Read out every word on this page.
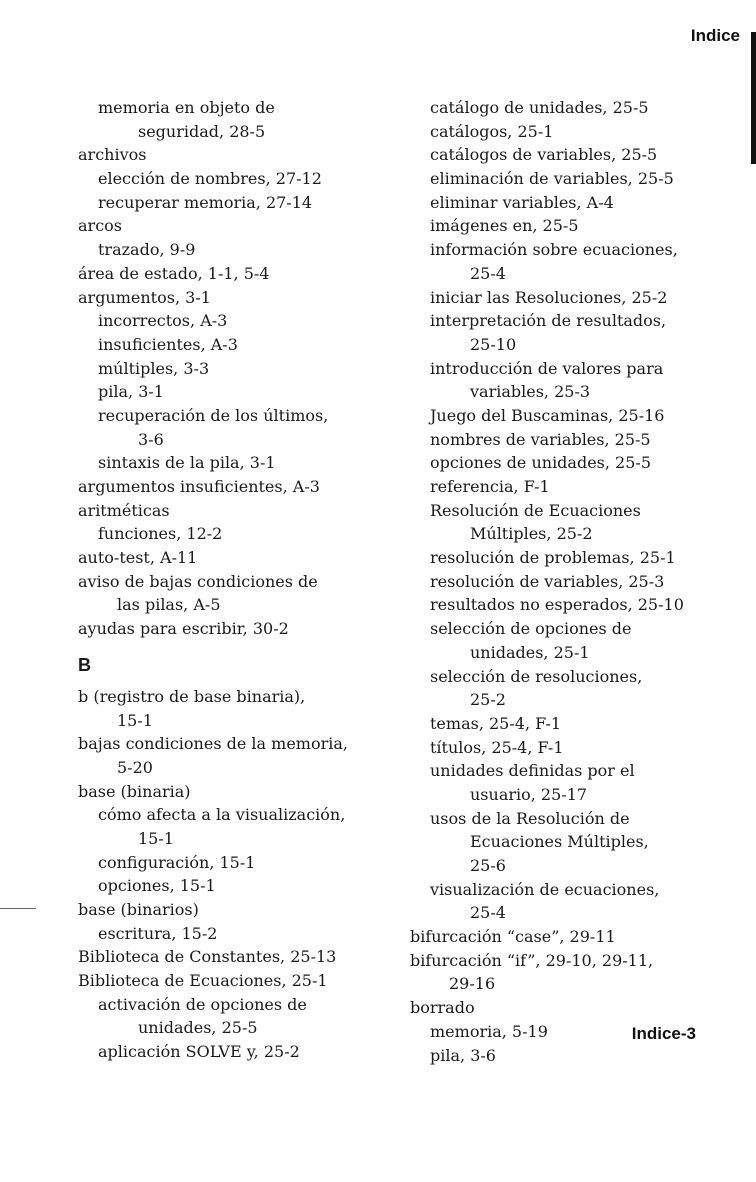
Indice
memoria en objeto de
seguridad, 28-5
archivos
elección de nombres, 27-12
recuperar memoria, 27-14
arcos
trazado, 9-9
área de estado, 1-1, 5-4
argumentos, 3-1
incorrectos, A-3
insuficientes, A-3
múltiples, 3-3
pila, 3-1
recuperación de los últimos,
3-6
sintaxis de la pila, 3-1
argumentos insuficientes, A-3
aritméticas
funciones, 12-2
auto-test, A-11
aviso de bajas condiciones de
las pilas, A-5
ayudas para escribir, 30-2
B
b (registro de base binaria),
15-1
bajas condiciones de la memoria,
5-20
base (binaria)
cómo afecta a la visualización,
15-1
configuración, 15-1
opciones, 15-1
base (binarios)
escritura, 15-2
Biblioteca de Constantes, 25-13
Biblioteca de Ecuaciones, 25-1
activación de opciones de
unidades, 25-5
aplicación SOLVE y, 25-2
catálogo de unidades, 25-5
catálogos, 25-1
catálogos de variables, 25-5
eliminación de variables, 25-5
eliminar variables, A-4
imágenes en, 25-5
información sobre ecuaciones,
25-4
iniciar las Resoluciones, 25-2
interpretación de resultados,
25-10
introducción de valores para
variables, 25-3
Juego del Buscaminas, 25-16
nombres de variables, 25-5
opciones de unidades, 25-5
referencia, F-1
Resolución de Ecuaciones
Múltiples, 25-2
resolución de problemas, 25-1
resolución de variables, 25-3
resultados no esperados, 25-10
selección de opciones de
unidades, 25-1
selección de resoluciones,
25-2
temas, 25-4, F-1
títulos, 25-4, F-1
unidades definidas por el
usuario, 25-17
usos de la Resolución de
Ecuaciones Múltiples,
25-6
visualización de ecuaciones,
25-4
bifurcación “case”, 29-11
bifurcación “if”, 29-10, 29-11,
29-16
borrado
memoria, 5-19
pila, 3-6
Indice-3
